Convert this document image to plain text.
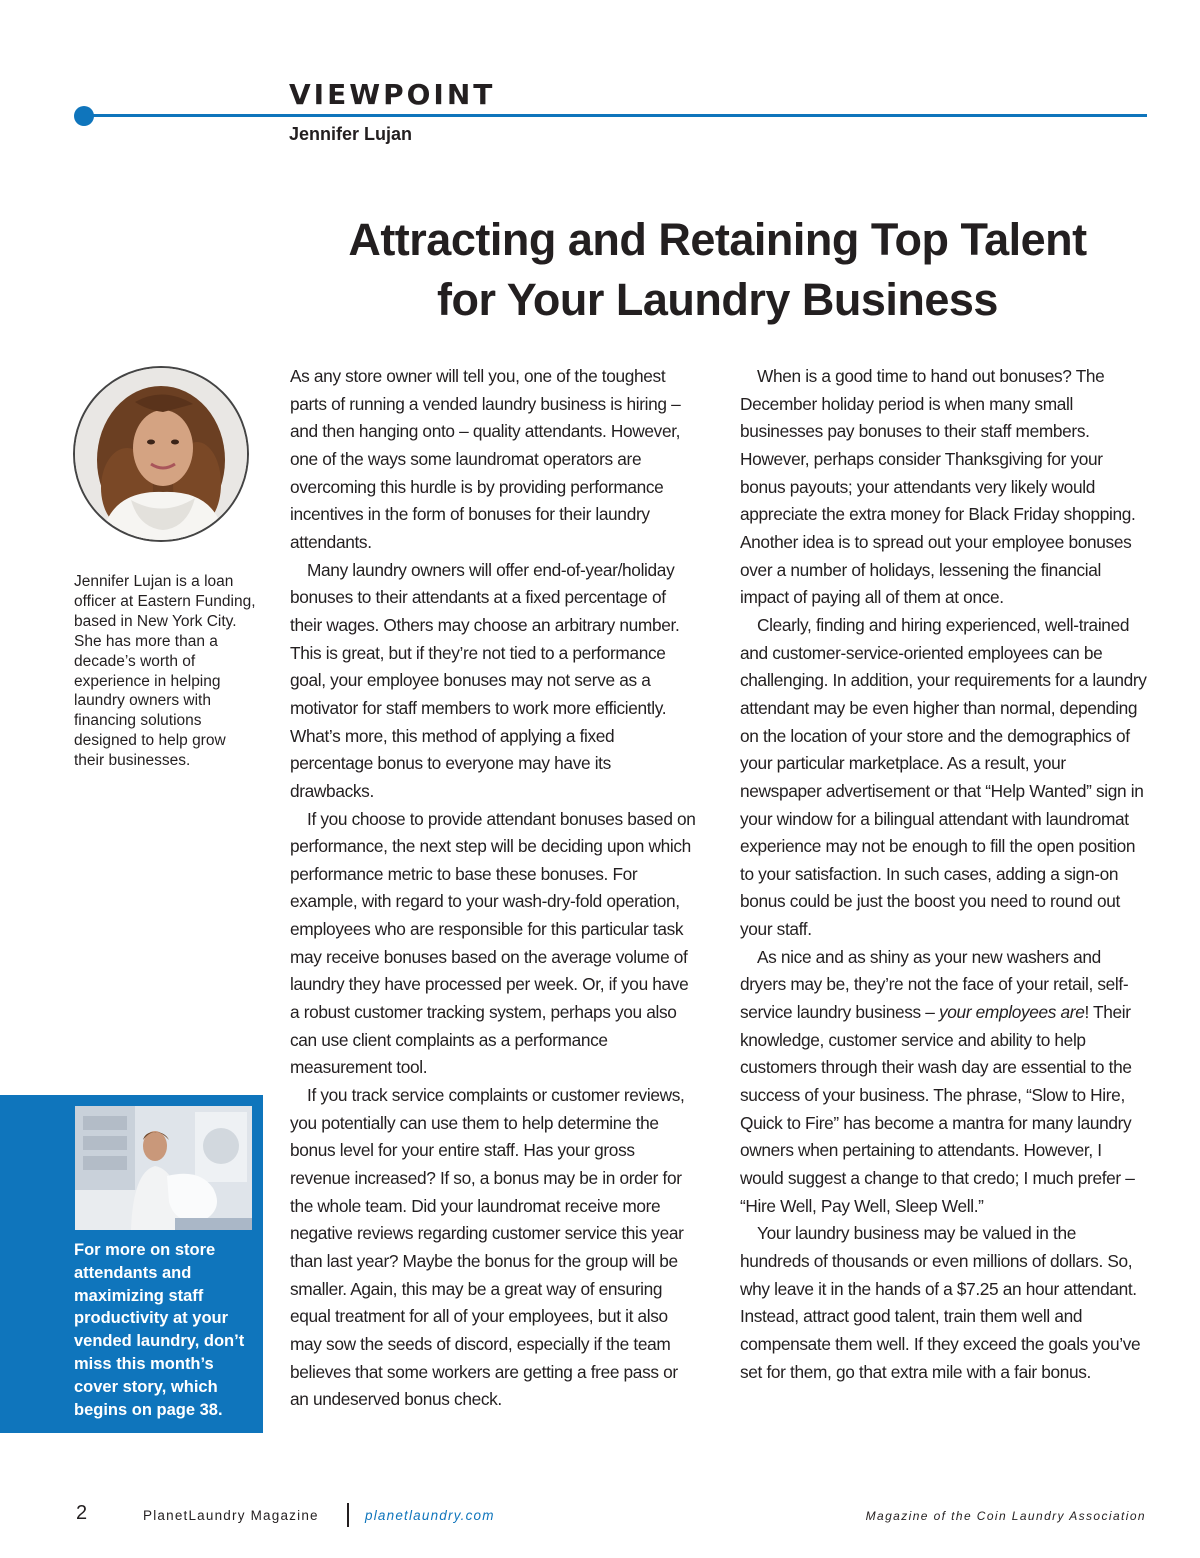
VIEWPOINT
Jennifer Lujan
Attracting and Retaining Top Talent
for Your Laundry Business
Jennifer Lujan is a loan officer at Eastern Funding, based in New York City. She has more than a decade’s worth of experience in helping laundry owners with financing solutions designed to help grow their businesses.
For more on store attendants and maximizing staff productivity at your vended laundry, don’t miss this month’s cover story, which begins on page 38.

As any store owner will tell you, one of the toughest parts of running a vended laundry business is hiring – and then hanging onto – quality attendants. However, one of the ways some laundromat operators are overcoming this hurdle is by providing performance incentives in the form of bonuses for their laundry attendants.

Many laundry owners will offer end-of-year/holiday bonuses to their attendants at a fixed percentage of their wages. Others may choose an arbitrary number. This is great, but if they’re not tied to a performance goal, your employee bonuses may not serve as a motivator for staff members to work more efficiently. What’s more, this method of applying a fixed percentage bonus to everyone may have its drawbacks.

If you choose to provide attendant bonuses based on performance, the next step will be deciding upon which performance metric to base these bonuses. For example, with regard to your wash-dry-fold operation, employees who are responsible for this particular task may receive bonuses based on the average volume of laundry they have processed per week. Or, if you have a robust customer tracking system, perhaps you also can use client complaints as a performance measurement tool.

If you track service complaints or customer reviews, you potentially can use them to help determine the bonus level for your entire staff. Has your gross revenue increased? If so, a bonus may be in order for the whole team. Did your laundromat receive more negative reviews regarding customer service this year than last year? Maybe the bonus for the group will be smaller. Again, this may be a great way of ensuring equal treatment for all of your employees, but it also may sow the seeds of discord, especially if the team believes that some workers are getting a free pass or an undeserved bonus check.

When is a good time to hand out bonuses? The December holiday period is when many small businesses pay bonuses to their staff members. However, perhaps consider Thanksgiving for your bonus payouts; your attendants very likely would appreciate the extra money for Black Friday shopping. Another idea is to spread out your employee bonuses over a number of holidays, lessening the financial impact of paying all of them at once.

Clearly, finding and hiring experienced, well-trained and customer-service-oriented employees can be challenging. In addition, your requirements for a laundry attendant may be even higher than normal, depending on the location of your store and the demographics of your particular marketplace. As a result, your newspaper advertisement or that “Help Wanted” sign in your window for a bilingual attendant with laundromat experience may not be enough to fill the open position to your satisfaction. In such cases, adding a sign-on bonus could be just the boost you need to round out your staff.

As nice and as shiny as your new washers and dryers may be, they’re not the face of your retail, self-service laundry business – your employees are! Their knowledge, customer service and ability to help customers through their wash day are essential to the success of your business. The phrase, “Slow to Hire, Quick to Fire” has become a mantra for many laundry owners when pertaining to attendants. However, I would suggest a change to that credo; I much prefer – “Hire Well, Pay Well, Sleep Well.”

Your laundry business may be valued in the hundreds of thousands or even millions of dollars. So, why leave it in the hands of a $7.25 an hour attendant. Instead, attract good talent, train them well and compensate them well. If they exceed the goals you’ve set for them, go that extra mile with a fair bonus.

2	PlanetLaundry Magazine	planetlaundry.com	Magazine of the Coin Laundry Association
